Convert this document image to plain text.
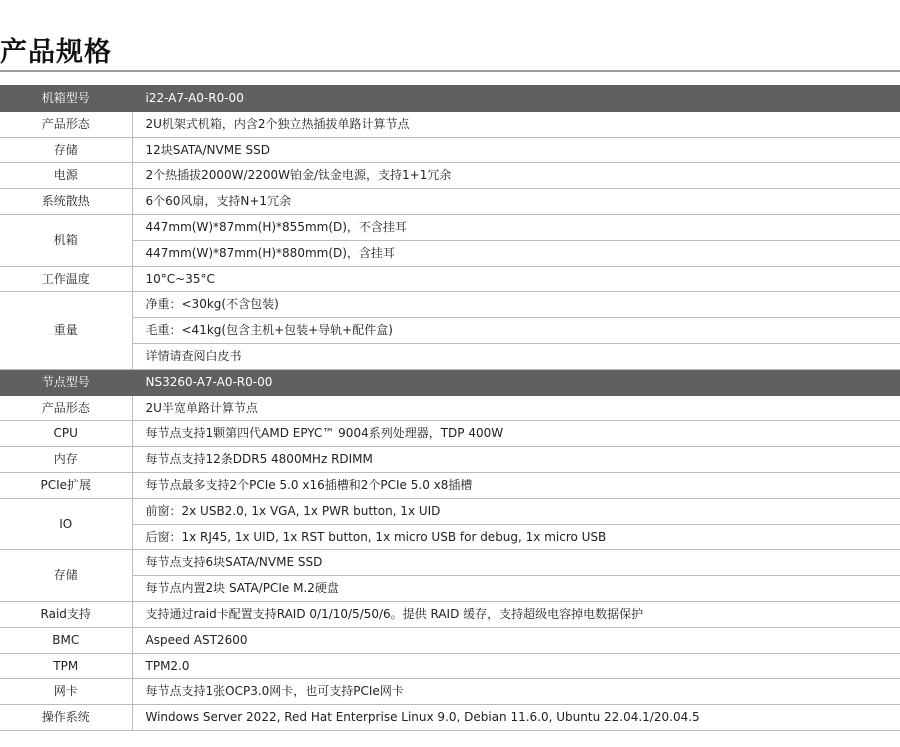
产品规格
机箱型号	i22-A7-A0-R0-00
产品形态	2U机架式机箱，内含2个独立热插拔单路计算节点
存储	12块SATA/NVME SSD
电源	2个热插拔2000W/2200W铂金/钛金电源，支持1+1冗余
系统散热	6个60风扇，支持N+1冗余
机箱	447mm(W)*87mm(H)*855mm(D)，不含挂耳
	447mm(W)*87mm(H)*880mm(D)，含挂耳
工作温度	10°C~35°C
重量	净重：<30kg(不含包装)
	毛重：<41kg(包含主机+包装+导轨+配件盒)
	详情请查阅白皮书
节点型号	NS3260-A7-A0-R0-00
产品形态	2U半宽单路计算节点
CPU	每节点支持1颗第四代AMD EPYC™ 9004系列处理器，TDP 400W
内存	每节点支持12条DDR5 4800MHz RDIMM
PCIe扩展	每节点最多支持2个PCIe 5.0 x16插槽和2个PCIe 5.0 x8插槽
IO	前窗：2x USB2.0, 1x VGA, 1x PWR button, 1x UID
	后窗：1x RJ45, 1x UID, 1x RST button, 1x micro USB for debug, 1x micro USB
存储	每节点支持6块SATA/NVME SSD
	每节点内置2块 SATA/PCIe M.2硬盘
Raid支持	支持通过raid卡配置支持RAID 0/1/10/5/50/6。提供 RAID 缓存，支持超级电容掉电数据保护
BMC	Aspeed AST2600
TPM	TPM2.0
网卡	每节点支持1张OCP3.0网卡，也可支持PCIe网卡
操作系统	Windows Server 2022, Red Hat Enterprise Linux 9.0, Debian 11.6.0, Ubuntu 22.04.1/20.04.5
